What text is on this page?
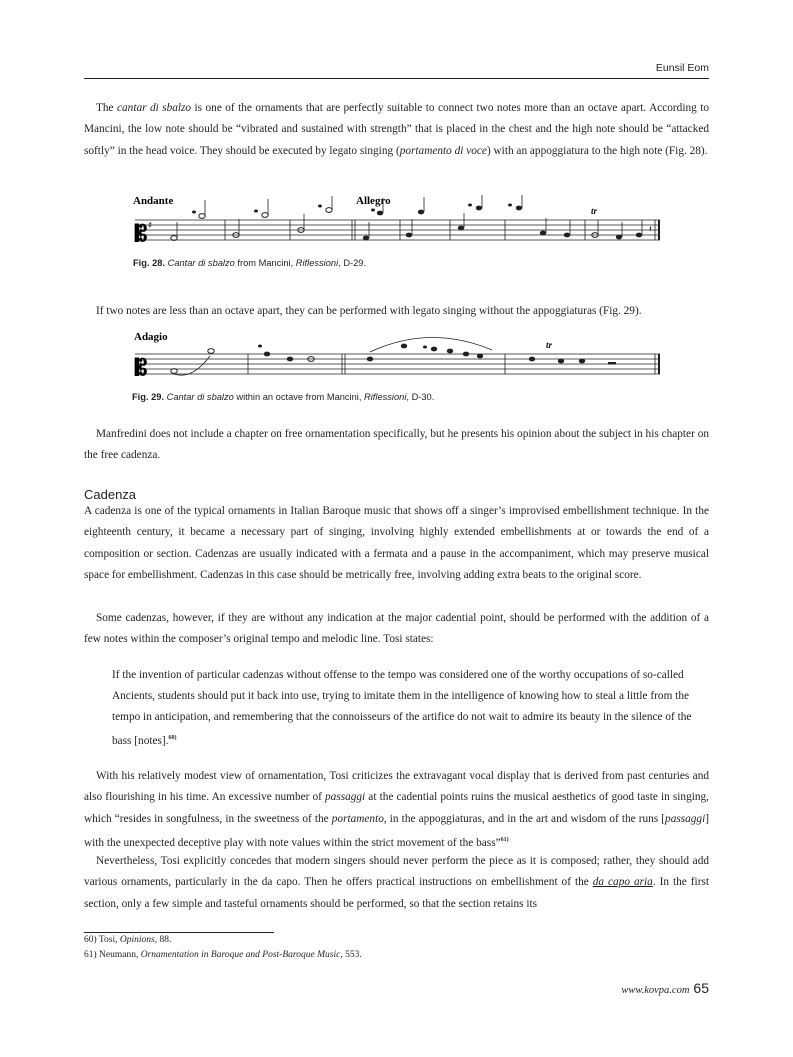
Eunsil Eom
The cantar di sbalzo is one of the ornaments that are perfectly suitable to connect two notes more than an octave apart. According to Mancini, the low note should be “vibrated and sustained with strength” that is placed in the chest and the high note should be “attacked softly” in the head voice. They should be executed by legato singing (portamento di voce) with an appoggiatura to the high note (Fig. 28).
Andante	Allegro
tr
𝄡 ♯	𝄽
Fig. 28. Cantar di sbalzo from Mancini, Riflessioni, D-29.
If two notes are less than an octave apart, they can be performed with legato singing without the appoggiaturas (Fig. 29).
Adagio
tr
𝄡
Fig. 29. Cantar di sbalzo within an octave from Mancini, Riflessioni, D-30.
Manfredini does not include a chapter on free ornamentation specifically, but he presents his opinion about the subject in his chapter on the free cadenza.
Cadenza
A cadenza is one of the typical ornaments in Italian Baroque music that shows off a singer’s improvised embellishment technique. In the eighteenth century, it became a necessary part of singing, involving highly extended embellishments at or towards the end of a composition or section. Cadenzas are usually indicated with a fermata and a pause in the accompaniment, which may preserve musical space for embellishment. Cadenzas in this case should be metrically free, involving adding extra beats to the original score.
Some cadenzas, however, if they are without any indication at the major cadential point, should be performed with the addition of a few notes within the composer’s original tempo and melodic line. Tosi states:
If the invention of particular cadenzas without offense to the tempo was considered one of the worthy occupations of so-called Ancients, students should put it back into use, trying to imitate them in the intelligence of knowing how to steal a little from the tempo in anticipation, and remembering that the connoisseurs of the artifice do not wait to admire its beauty in the silence of the bass [notes].$^{60)}$
With his relatively modest view of ornamentation, Tosi criticizes the extravagant vocal display that is derived from past centuries and also flourishing in his time. An excessive number of passaggi at the cadential points ruins the musical aesthetics of good taste in singing, which “resides in songfulness, in the sweetness of the portamento, in the appoggiaturas, and in the art and wisdom of the runs [passaggi] with the unexpected deceptive play with note values within the strict movement of the bass”$^{61)}$
Nevertheless, Tosi explicitly concedes that modern singers should never perform the piece as it is composed; rather, they should add various ornaments, particularly in the da capo. Then he offers practical instructions on embellishment of the da capo aria. In the first section, only a few simple and tasteful ornaments should be performed, so that the section retains its
60) Tosi, Opinions, 88.
61) Neumann, Ornamentation in Baroque and Post-Baroque Music, 553.
www.kovpa.com 65
